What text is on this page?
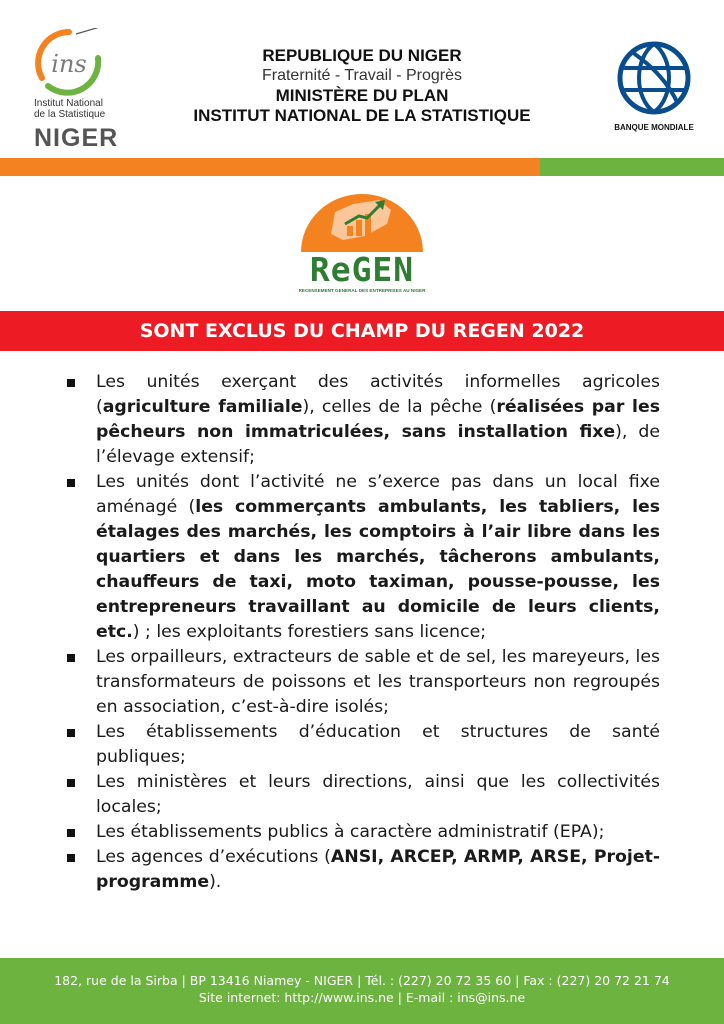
ins
Institut National
de la Statistique
NIGER
REPUBLIQUE DU NIGER
Fraternité - Travail - Progrès
MINISTÈRE DU PLAN
INSTITUT NATIONAL DE LA STATISTIQUE
BANQUE MONDIALE
ReGEN
RECENSEMENT GENERAL DES ENTREPRISES AU NIGER
SONT EXCLUS DU CHAMP DU REGEN 2022
Les unités exerçant des activités informelles agricoles (agriculture familiale), celles de la pêche (réalisées par les pêcheurs non immatriculées, sans installation fixe), de l’élevage extensif;
Les unités dont l’activité ne s’exerce pas dans un local fixe aménagé (les commerçants ambulants, les tabliers, les étalages des marchés, les comptoirs à l’air libre dans les quartiers et dans les marchés, tâcherons ambulants, chauffeurs de taxi, moto taximan, pousse-pousse, les entrepreneurs travaillant au domicile de leurs clients, etc.) ; les exploitants forestiers sans licence;
Les orpailleurs, extracteurs de sable et de sel, les mareyeurs, les transformateurs de poissons et les transporteurs non regroupés en association, c’est-à-dire isolés;
Les établissements d’éducation et structures de santé publiques;
Les ministères et leurs directions, ainsi que les collectivités locales;
Les établissements publics à caractère administratif (EPA);
Les agences d’exécutions (ANSI, ARCEP, ARMP, ARSE, Projet-programme).
182, rue de la Sirba | BP 13416 Niamey - NIGER | Tél. : (227) 20 72 35 60 | Fax : (227) 20 72 21 74
Site internet: http://www.ins.ne | E-mail : ins@ins.ne
